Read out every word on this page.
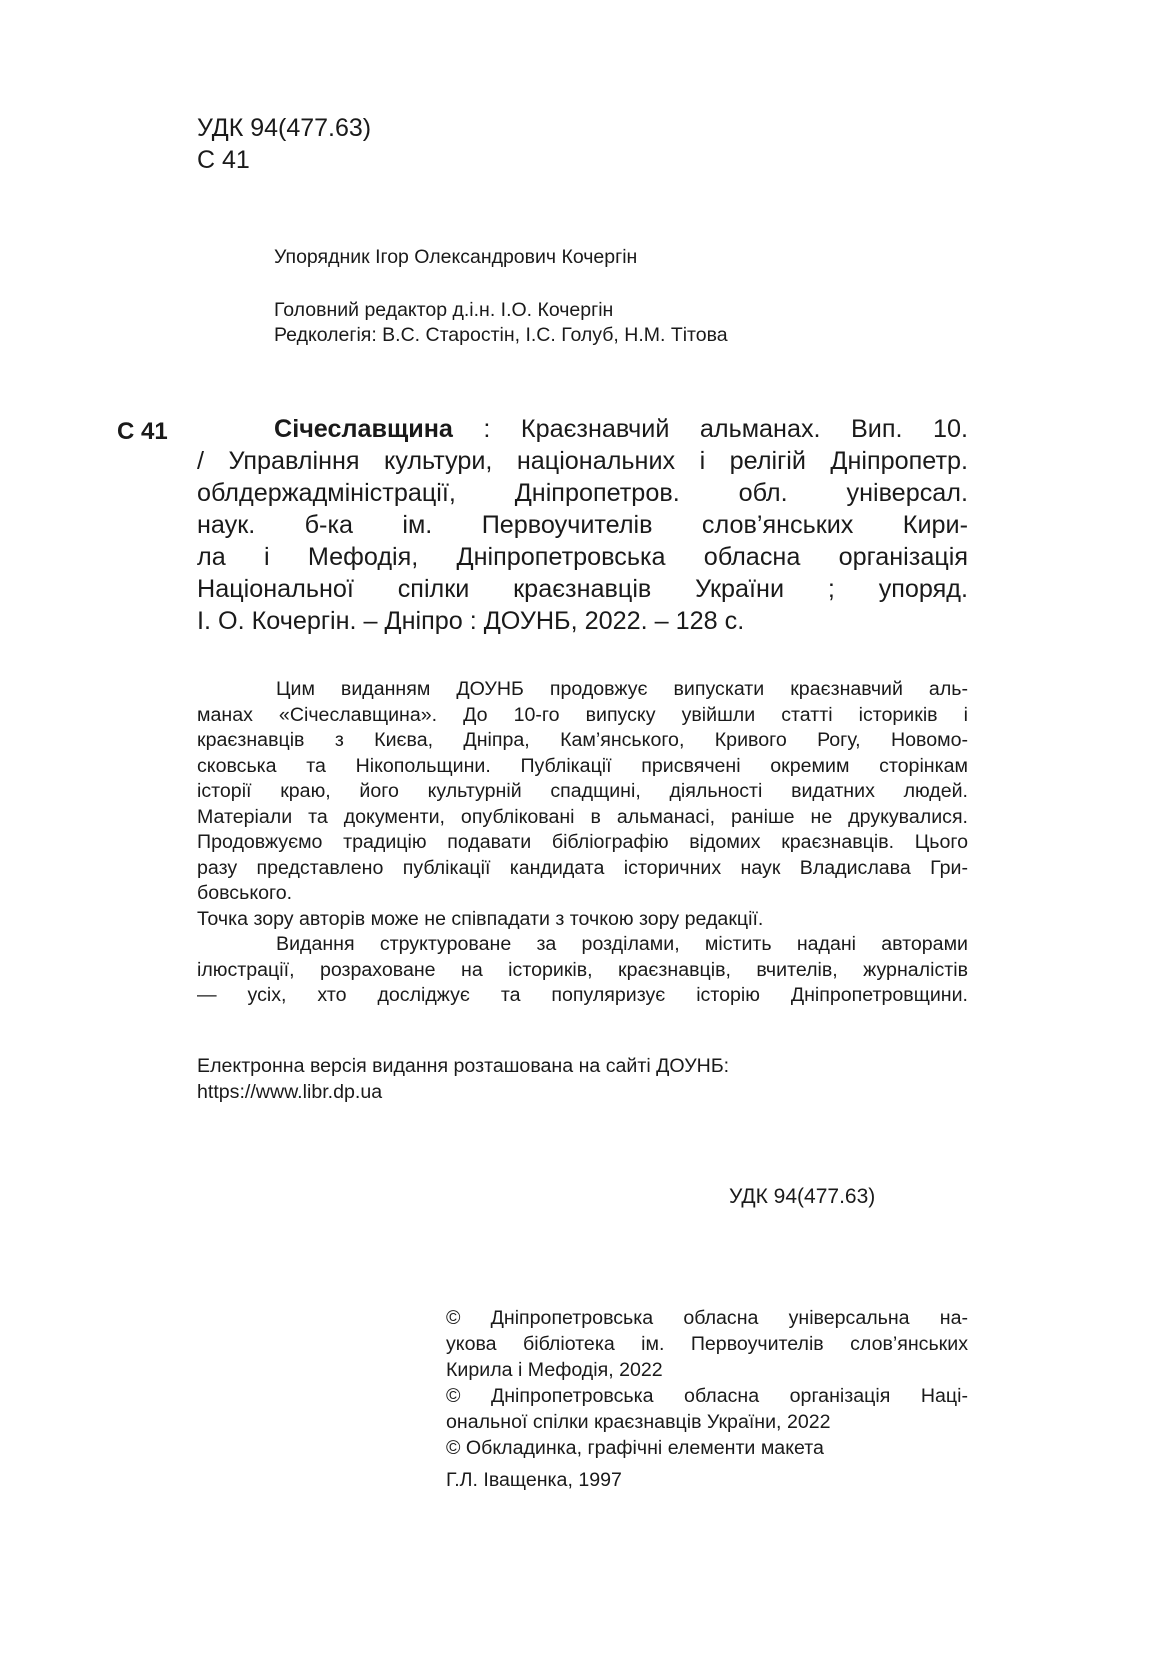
УДК 94(477.63)
С 41
Упорядник Ігор Олександрович Кочергін
Головний редактор д.і.н. І.О. Кочергін
Редколегія: В.С. Старостін, І.С. Голуб, Н.М. Тітова
С 41	Січеславщина : Краєзнавчий альманах. Вип. 10.

/ Управління культури, національних і релігій Дніпропетр.

облдержадміністрації, Дніпропетров. обл. універсал.

наук. б-ка ім. Первоучителів слов’янських Кири-

ла і Мефодія, Дніпропетровська обласна організація

Національної спілки краєзнавців України ; упоряд.

І. О. Кочергін. – Дніпро : ДОУНБ, 2022. – 128 с.

Цим виданням ДОУНБ продовжує випускати краєзнавчий аль-

манах «Січеславщина». До 10-го випуску увійшли статті істориків і

краєзнавців з Києва, Дніпра, Кам’янського, Кривого Рогу, Новомо-

сковська та Нікопольщини. Публікації присвячені окремим сторінкам

історії краю, його культурній спадщині, діяльності видатних людей.

Матеріали та документи, опубліковані в альманасі, раніше не друкувалися.

Продовжуємо традицію подавати бібліографію відомих краєзнавців. Цього

разу представлено публікації кандидата історичних наук Владислава Гри-

бовського.

Точка зору авторів може не співпадати з точкою зору редакції.

Видання структуроване за розділами, містить надані авторами

ілюстрації, розраховане на істориків, краєзнавців, вчителів, журналістів

— усіх, хто досліджує та популяризує історію Дніпропетровщини.

Електронна версія видання розташована на сайті ДОУНБ:
https://www.libr.dp.ua
УДК 94(477.63)

© Дніпропетровська обласна універсальна на-

укова бібліотека ім. Первоучителів слов’янських

Кирила і Мефодія, 2022

© Дніпропетровська обласна організація Наці-

ональної спілки краєзнавців України, 2022

© Обкладинка, графічні елементи макета

Г.Л. Іващенка, 1997
